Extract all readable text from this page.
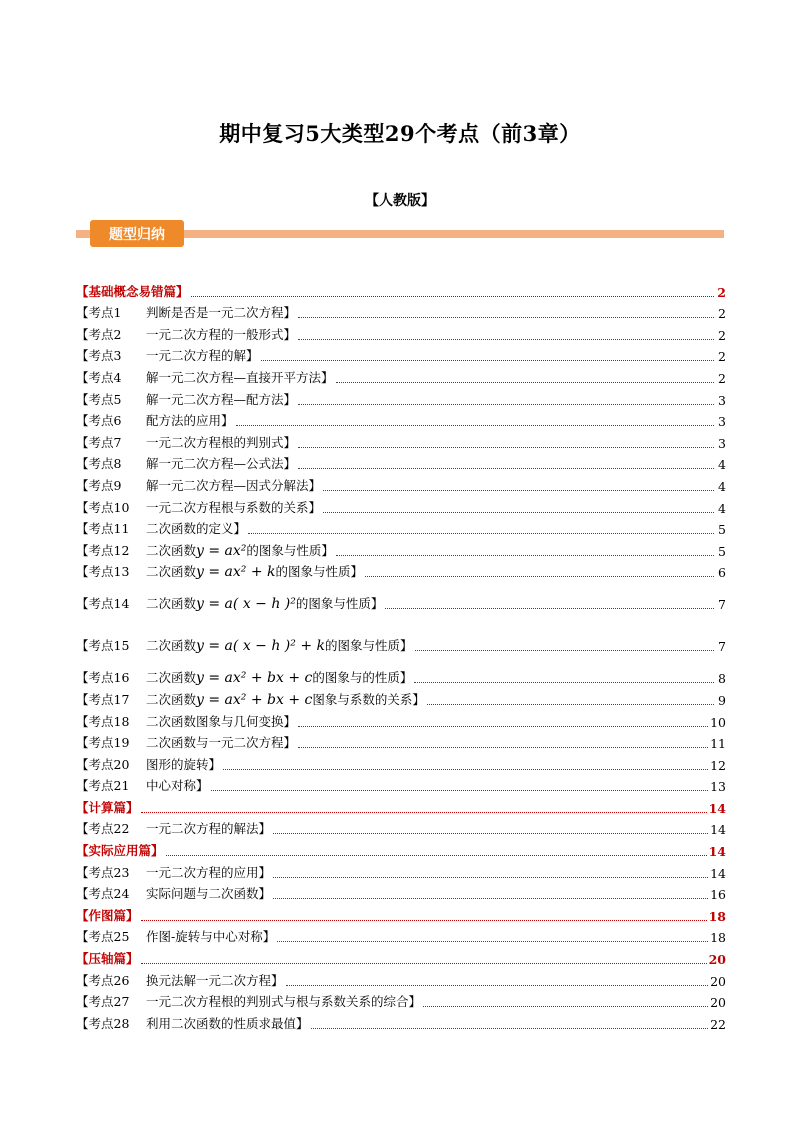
期中复习5大类型29个考点（前3章）
【人教版】
题型归纳
【基础概念易错篇】	2
【考点1	判断是否是一元二次方程】	2
【考点2	一元二次方程的一般形式】	2
【考点3	一元二次方程的解】	2
【考点4	解一元二次方程—直接开平方法】	2
【考点5	解一元二次方程—配方法】	3
【考点6	配方法的应用】	3
【考点7	一元二次方程根的判别式】	3
【考点8	解一元二次方程—公式法】	4
【考点9	解一元二次方程—因式分解法】	4
【考点10	一元二次方程根与系数的关系】	4
【考点11	二次函数的定义】	5
【考点12	二次函数y = ax²的图象与性质】	5
【考点13	二次函数y = ax² + k的图象与性质】	6
【考点14	二次函数y = a( x − h )²的图象与性质】	7
【考点15	二次函数y = a( x − h )² + k的图象与性质】	7
【考点16	二次函数y = ax² + bx + c的图象与的性质】	8
【考点17	二次函数y = ax² + bx + c图象与系数的关系】	9
【考点18	二次函数图象与几何变换】	10
【考点19	二次函数与一元二次方程】	11
【考点20	图形的旋转】	12
【考点21	中心对称】	13
【计算篇】	14
【考点22	一元二次方程的解法】	14
【实际应用篇】	14
【考点23	一元二次方程的应用】	14
【考点24	实际问题与二次函数】	16
【作图篇】	18
【考点25	作图-旋转与中心对称】	18
【压轴篇】	20
【考点26	换元法解一元二次方程】	20
【考点27	一元二次方程根的判别式与根与系数关系的综合】	20
【考点28	利用二次函数的性质求最值】	22
